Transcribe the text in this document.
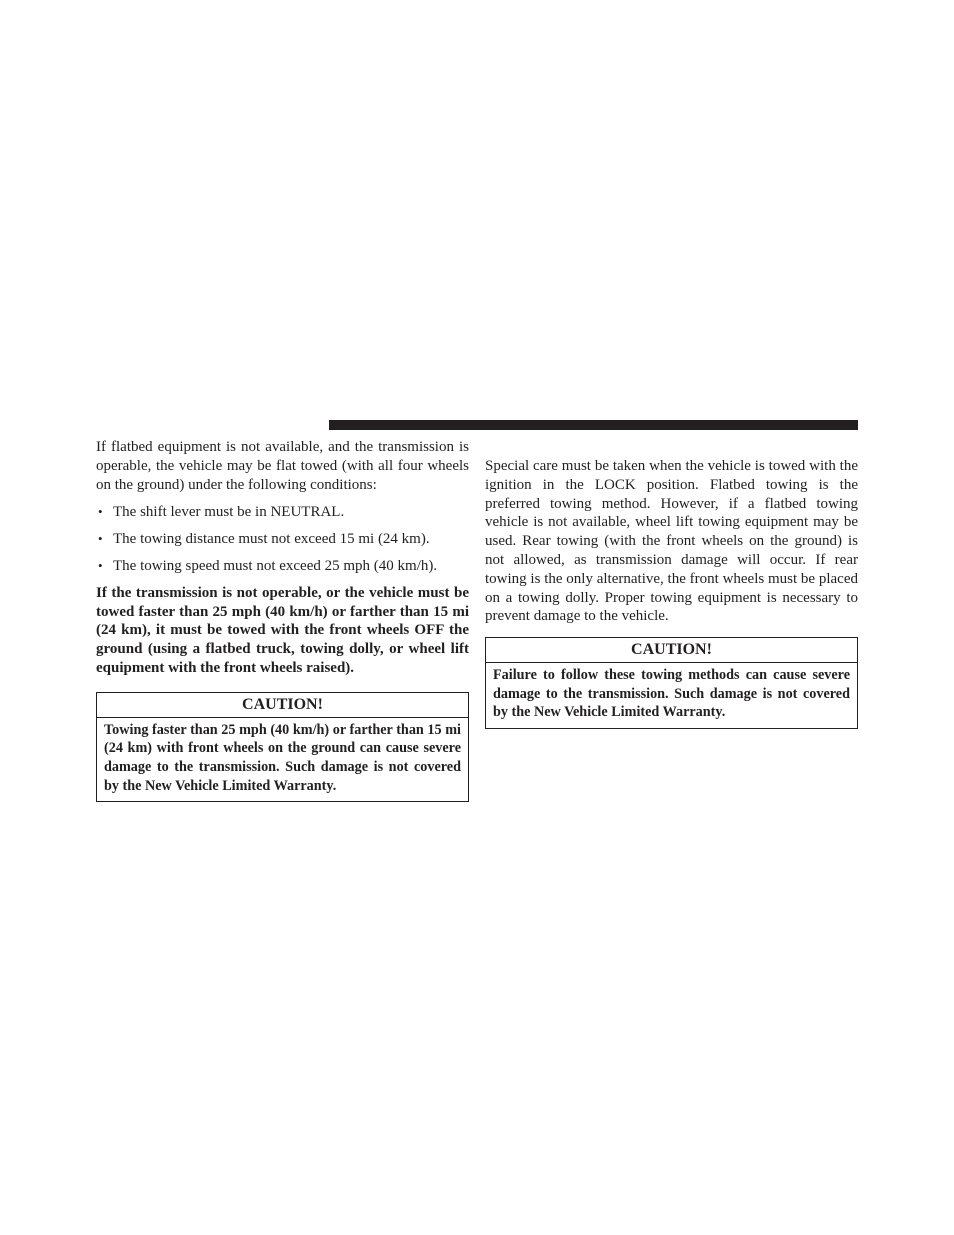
If flatbed equipment is not available, and the transmission is operable, the vehicle may be flat towed (with all four wheels on the ground) under the following conditions:

• The shift lever must be in NEUTRAL.
• The towing distance must not exceed 15 mi (24 km).
• The towing speed must not exceed 25 mph (40 km/h).

If the transmission is not operable, or the vehicle must be towed faster than 25 mph (40 km/h) or farther than 15 mi (24 km), it must be towed with the front wheels OFF the ground (using a flatbed truck, towing dolly, or wheel lift equipment with the front wheels raised).

CAUTION!
Towing faster than 25 mph (40 km/h) or farther than 15 mi (24 km) with front wheels on the ground can cause severe damage to the transmission. Such damage is not covered by the New Vehicle Limited Warranty.

Special care must be taken when the vehicle is towed with the ignition in the LOCK position. Flatbed towing is the preferred towing method. However, if a flatbed towing vehicle is not available, wheel lift towing equipment may be used. Rear towing (with the front wheels on the ground) is not allowed, as transmission damage will occur. If rear towing is the only alternative, the front wheels must be placed on a towing dolly. Proper towing equipment is necessary to prevent damage to the vehicle.

CAUTION!
Failure to follow these towing methods can cause severe damage to the transmission. Such damage is not covered by the New Vehicle Limited Warranty.
